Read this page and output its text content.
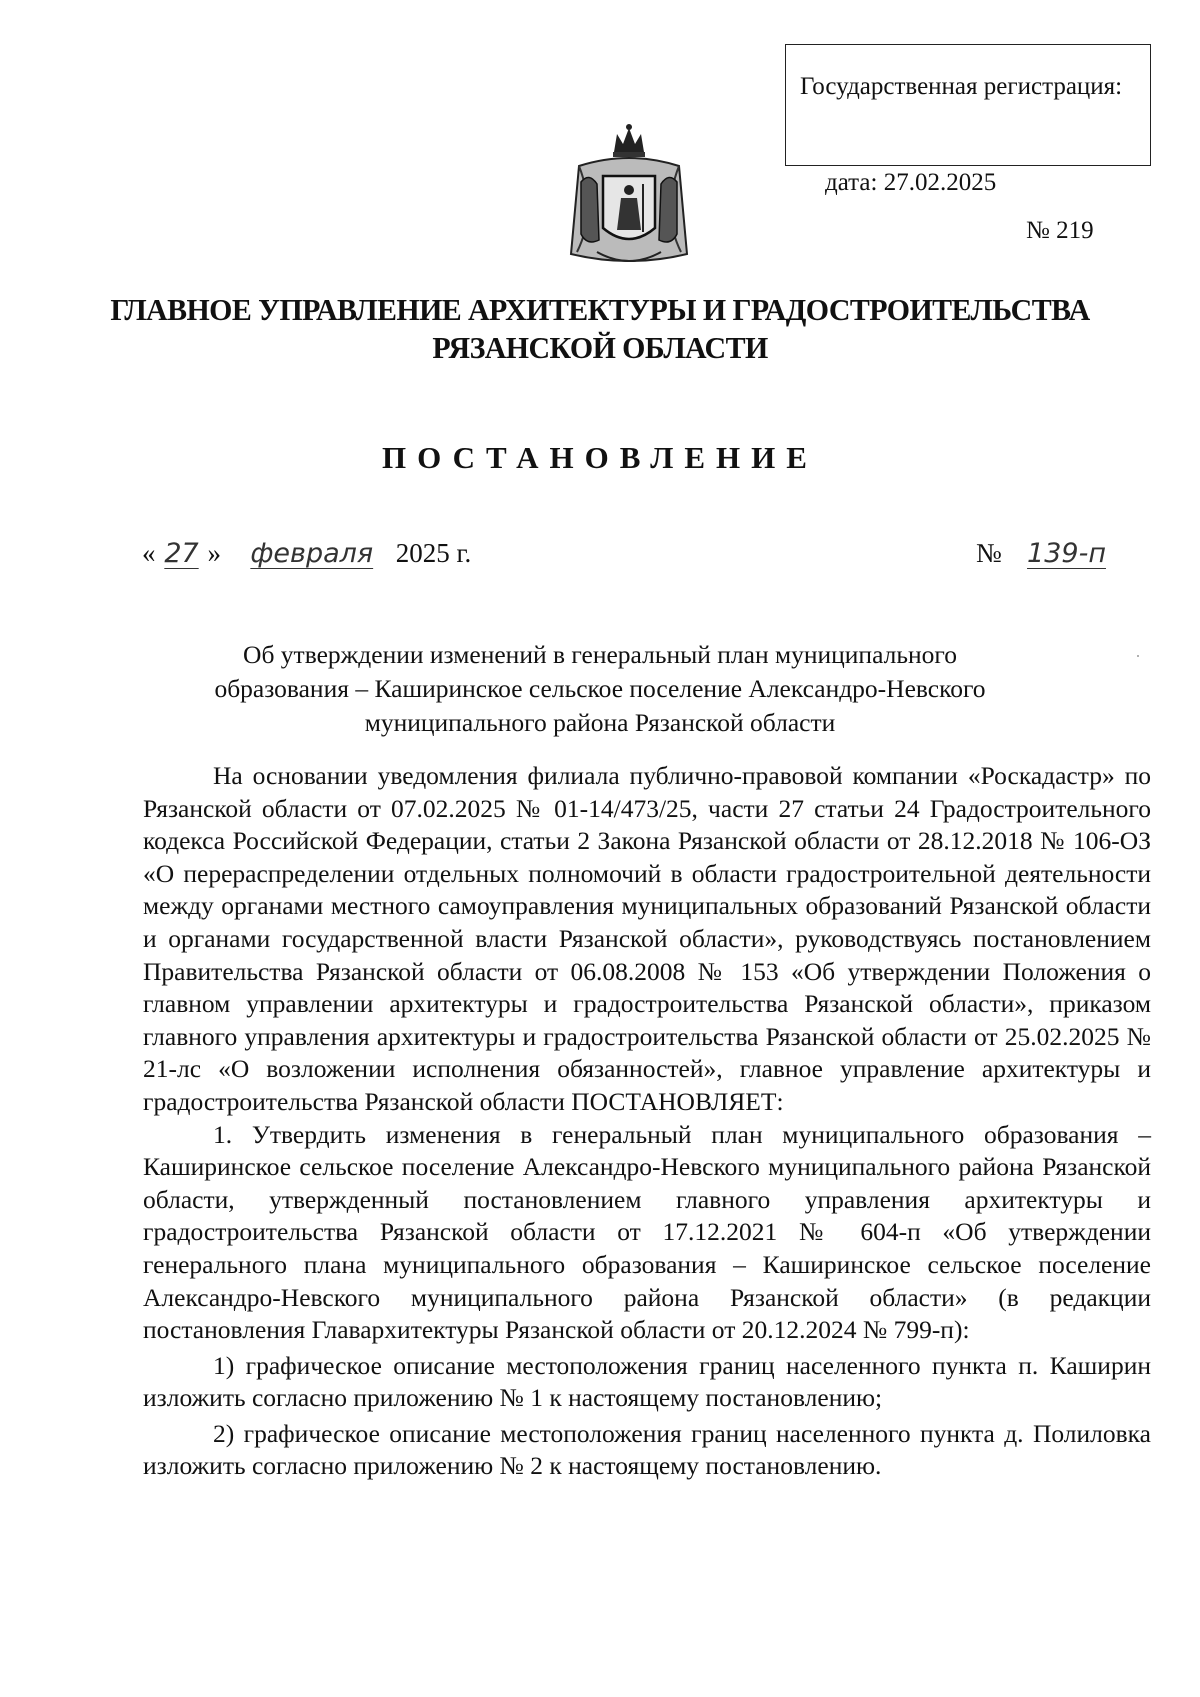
Государственная регистрация:

дата: 27.02.2025

№ 219

ГЛАВНОЕ УПРАВЛЕНИЕ АРХИТЕКТУРЫ И ГРАДОСТРОИТЕЛЬСТВА
РЯЗАНСКОЙ ОБЛАСТИ
ПОСТАНОВЛЕНИЕ
« 27 » февраля 2025 г.	№ 139-п
Об утверждении изменений в генеральный план муниципального
образования – Каширинское сельское поселение Александро-Невского
муниципального района Рязанской области

На основании уведомления филиала публично-правовой компании «Роскадастр» по Рязанской области от 07.02.2025 № 01-14/473/25, части 27 статьи 24 Градостроительного кодекса Российской Федерации, статьи 2 Закона Рязанской области от 28.12.2018 № 106-ОЗ «О перераспределении отдельных полномочий в области градостроительной деятельности между органами местного самоуправления муниципальных образований Рязанской области и органами государственной власти Рязанской области», руководствуясь постановлением Правительства Рязанской области от 06.08.2008 № 153 «Об утверждении Положения о главном управлении архитектуры и градостроительства Рязанской области», приказом главного управления архитектуры и градостроительства Рязанской области от 25.02.2025 № 21-лс «О возложении исполнения обязанностей», главное управление архитектуры и градостроительства Рязанской области ПОСТАНОВЛЯЕТ:

1. Утвердить изменения в генеральный план муниципального образования – Каширинское сельское поселение Александро-Невского муниципального района Рязанской области, утвержденный постановлением главного управления архитектуры и градостроительства Рязанской области от 17.12.2021 № 604-п «Об утверждении генерального плана муниципального образования – Каширинское сельское поселение Александро-Невского муниципального района Рязанской области» (в редакции постановления Главархитектуры Рязанской области от 20.12.2024 № 799-п):

1) графическое описание местоположения границ населенного пункта п. Каширин изложить согласно приложению № 1 к настоящему постановлению;

2) графическое описание местоположения границ населенного пункта д. Полиловка изложить согласно приложению № 2 к настоящему постановлению.
